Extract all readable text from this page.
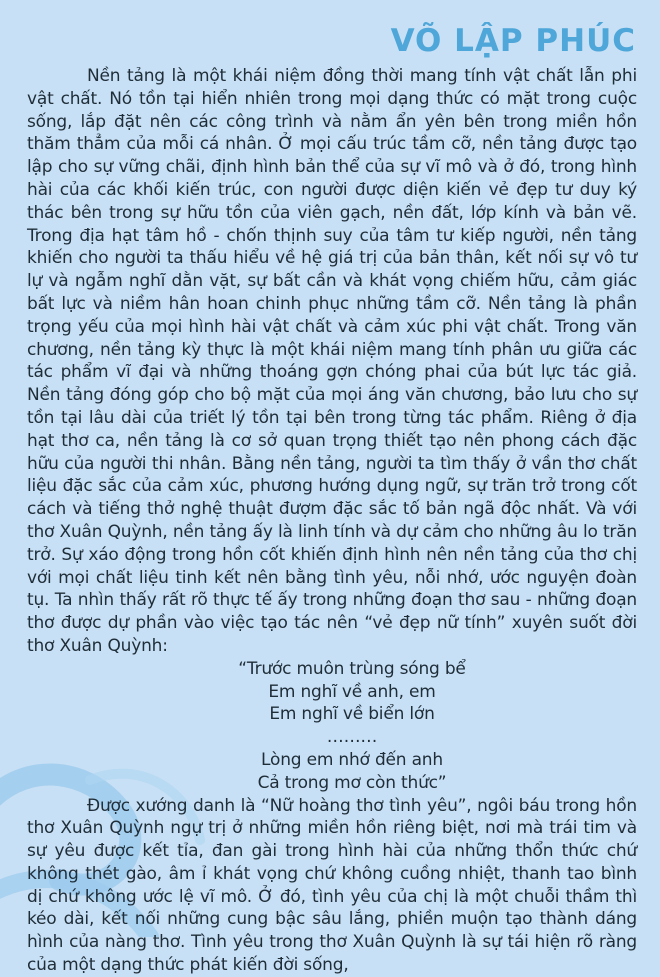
VÕ LẬP PHÚC

Nền tảng là một khái niệm đồng thời mang tính vật chất lẫn phi vật chất. Nó tồn tại hiển nhiên trong mọi dạng thức có mặt trong cuộc sống, lắp đặt nên các công trình và nằm ẩn yên bên trong miền hồn thăm thẳm của mỗi cá nhân. Ở mọi cấu trúc tầm cỡ, nền tảng được tạo lập cho sự vững chãi, định hình bản thể của sự vĩ mô và ở đó, trong hình hài của các khối kiến trúc, con người được diện kiến vẻ đẹp tư duy ký thác bên trong sự hữu tồn của viên gạch, nền đất, lớp kính và bản vẽ. Trong địa hạt tâm hồ - chốn thịnh suy của tâm tư kiếp người, nền tảng khiến cho người ta thấu hiểu về hệ giá trị của bản thân, kết nối sự vô tư lự và ngẫm nghĩ dằn vặt, sự bất cần và khát vọng chiếm hữu, cảm giác bất lực và niềm hân hoan chinh phục những tầm cỡ. Nền tảng là phần trọng yếu của mọi hình hài vật chất và cảm xúc phi vật chất. Trong văn chương, nền tảng kỳ thực là một khái niệm mang tính phân ưu giữa các tác phẩm vĩ đại và những thoáng gợn chóng phai của bút lực tác giả. Nền tảng đóng góp cho bộ mặt của mọi áng văn chương, bảo lưu cho sự tồn tại lâu dài của triết lý tồn tại bên trong từng tác phẩm. Riêng ở địa hạt thơ ca, nền tảng là cơ sở quan trọng thiết tạo nên phong cách đặc hữu của người thi nhân. Bằng nền tảng, người ta tìm thấy ở vần thơ chất liệu đặc sắc của cảm xúc, phương hướng dụng ngữ, sự trăn trở trong cốt cách và tiếng thở nghệ thuật đượm đặc sắc tố bản ngã độc nhất. Và với thơ Xuân Quỳnh, nền tảng ấy là linh tính và dự cảm cho những âu lo trăn trở. Sự xáo động trong hồn cốt khiến định hình nên nền tảng của thơ chị với mọi chất liệu tinh kết nên bằng tình yêu, nỗi nhớ, ước nguyện đoàn tụ. Ta nhìn thấy rất rõ thực tế ấy trong những đoạn thơ sau - những đoạn thơ được dự phần vào việc tạo tác nên “vẻ đẹp nữ tính” xuyên suốt đời thơ Xuân Quỳnh:

“Trước muôn trùng sóng bể
Em nghĩ về anh, em
Em nghĩ về biển lớn
………
Lòng em nhớ đến anh
Cả trong mơ còn thức”

Được xướng danh là “Nữ hoàng thơ tình yêu”, ngôi báu trong hồn thơ Xuân Quỳnh ngự trị ở những miền hồn riêng biệt, nơi mà trái tim và sự yêu được kết tỉa, đan gài trong hình hài của những thổn thức chứ không thét gào, âm ỉ khát vọng chứ không cuồng nhiệt, thanh tao bình dị chứ không ước lệ vĩ mô. Ở đó, tình yêu của chị là một chuỗi thầm thì kéo dài, kết nối những cung bậc sâu lắng, phiền muộn tạo thành dáng hình của nàng thơ. Tình yêu trong thơ Xuân Quỳnh là sự tái hiện rõ ràng của một dạng thức phát kiến đời sống,
